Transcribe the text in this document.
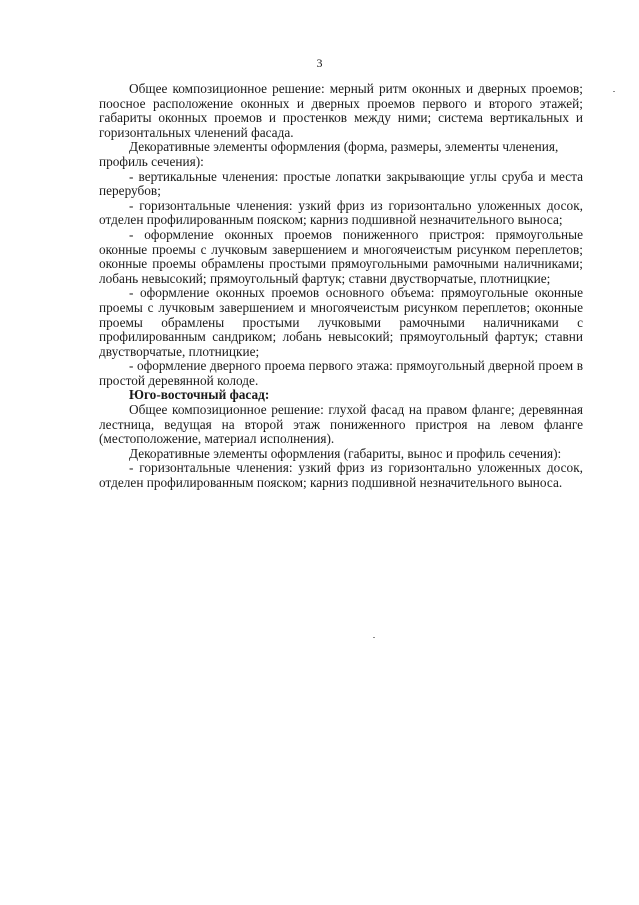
3

Общее композиционное решение: мерный ритм оконных и дверных проемов; поосное расположение оконных и дверных проемов первого и второго этажей; габариты оконных проемов и простенков между ними; система вертикальных и горизонтальных членений фасада.

Декоративные элементы оформления (форма, размеры, элементы членения, профиль сечения):

- вертикальные членения: простые лопатки закрывающие углы сруба и места перерубов;

- горизонтальные членения: узкий фриз из горизонтально уложенных досок, отделен профилированным пояском; карниз подшивной незначительного выноса;

- оформление оконных проемов пониженного пристроя: прямоугольные оконные проемы с лучковым завершением и многоячеистым рисунком переплетов; оконные проемы обрамлены простыми прямоугольными рамочными наличниками; лобань невысокий; прямоугольный фартук; ставни двустворчатые, плотницкие;

- оформление оконных проемов основного объема: прямоугольные оконные проемы с лучковым завершением и многоячеистым рисунком переплетов; оконные проемы обрамлены простыми лучковыми рамочными наличниками с профилированным сандриком; лобань невысокий; прямоугольный фартук; ставни двустворчатые, плотницкие;

- оформление дверного проема первого этажа: прямоугольный дверной проем в простой деревянной колоде.

Юго-восточный фасад:

Общее композиционное решение: глухой фасад на правом фланге; деревянная лестница, ведущая на второй этаж пониженного пристроя на левом фланге (местоположение, материал исполнения).

Декоративные элементы оформления (габариты, вынос и профиль сечения):

- горизонтальные членения: узкий фриз из горизонтально уложенных досок, отделен профилированным пояском; карниз подшивной незначительного выноса.
